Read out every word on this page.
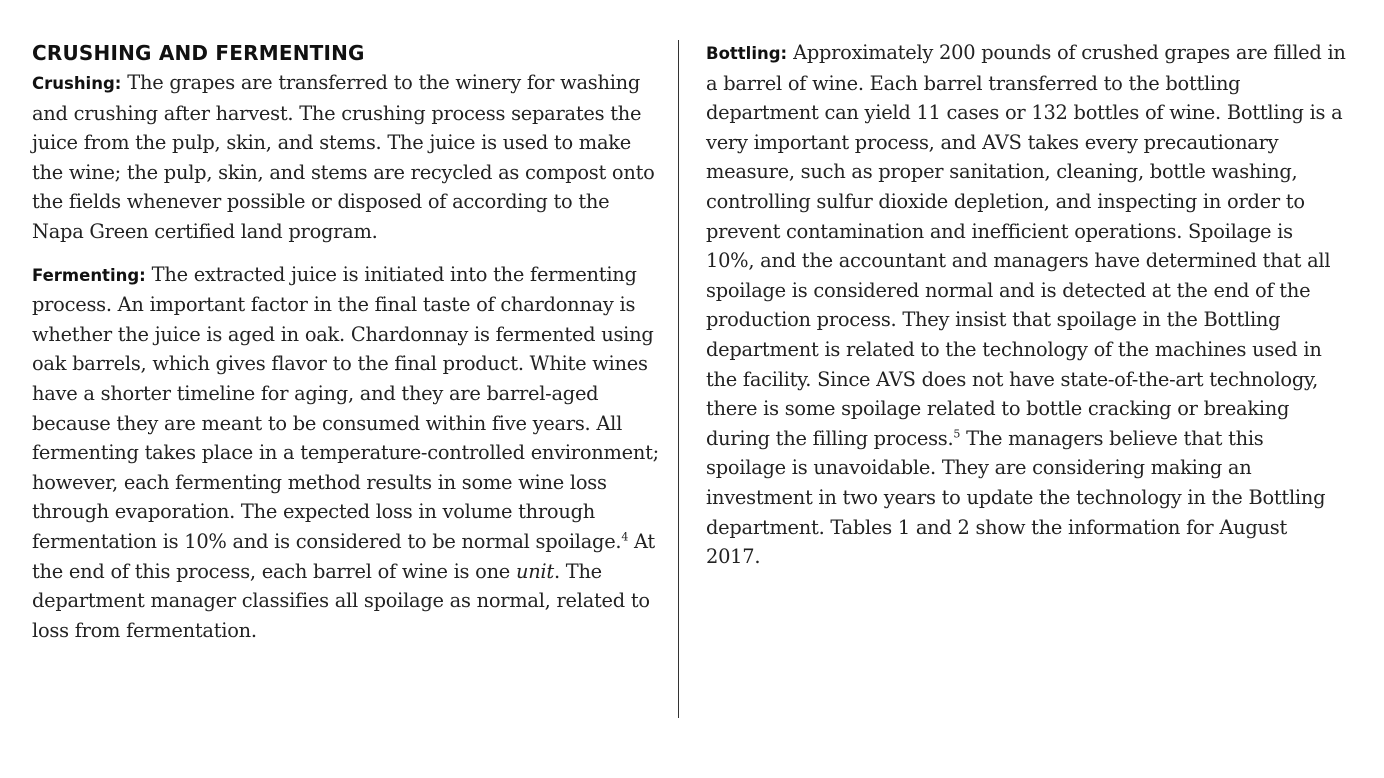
CRUSHING AND FERMENTING

Crushing: The grapes are transferred to the winery for washing and crushing after harvest. The crushing process separates the juice from the pulp, skin, and stems. The juice is used to make the wine; the pulp, skin, and stems are recycled as compost onto the fields whenever possible or disposed of according to the Napa Green certified land program.

Fermenting: The extracted juice is initiated into the fermenting process. An important factor in the final taste of chardonnay is whether the juice is aged in oak. Chardonnay is fermented using oak barrels, which gives flavor to the final product. White wines have a shorter timeline for aging, and they are barrel-aged because they are meant to be consumed within five years. All fermenting takes place in a temperature-controlled environment; however, each fermenting method results in some wine loss through evaporation. The expected loss in volume through fermentation is 10% and is considered to be normal spoilage.$^4$ At the end of this process, each barrel of wine is one unit. The department manager classifies all spoilage as normal, related to loss from fermentation.

Bottling: Approximately 200 pounds of crushed grapes are filled in a barrel of wine. Each barrel transferred to the bottling department can yield 11 cases or 132 bottles of wine. Bottling is a very important process, and AVS takes every precautionary measure, such as proper sanitation, cleaning, bottle washing, controlling sulfur dioxide depletion, and inspecting in order to prevent contamination and inefficient operations. Spoilage is 10%, and the accountant and managers have determined that all spoilage is considered normal and is detected at the end of the production process. They insist that spoilage in the Bottling department is related to the technology of the machines used in the facility. Since AVS does not have state-of-the-art technology, there is some spoilage related to bottle cracking or breaking during the filling process.$^5$ The managers believe that this spoilage is unavoidable. They are considering making an investment in two years to update the technology in the Bottling department. Tables 1 and 2 show the information for August 2017.
